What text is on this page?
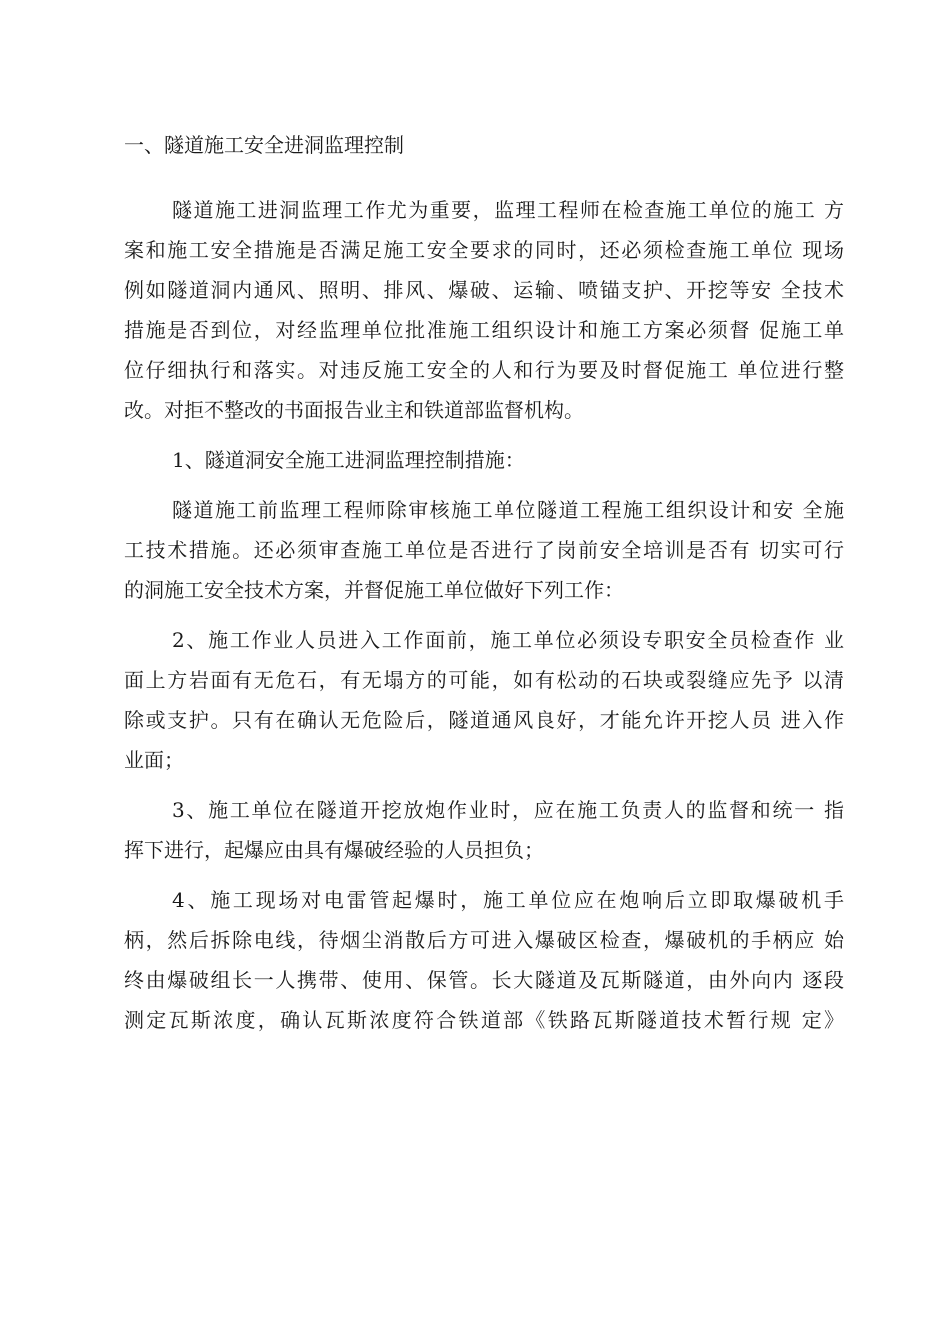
一、隧道施工安全进洞监理控制

隧道施工进洞监理工作尤为重要，监理工程师在检查施工单位的施工 方

案和施工安全措施是否满足施工安全要求的同时，还必须检查施工单位 现场

例如隧道洞内通风、照明、排风、爆破、运输、喷锚支护、开挖等安 全技术

措施是否到位，对经监理单位批准施工组织设计和施工方案必须督 促施工单

位仔细执行和落实。对违反施工安全的人和行为要及时督促施工 单位进行整

改。对拒不整改的书面报告业主和铁道部监督机构。

1、隧道洞安全施工进洞监理控制措施：

隧道施工前监理工程师除审核施工单位隧道工程施工组织设计和安 全施

工技术措施。还必须审查施工单位是否进行了岗前安全培训是否有 切实可行

的洞施工安全技术方案，并督促施工单位做好下列工作：

2、施工作业人员进入工作面前，施工单位必须设专职安全员检查作 业

面上方岩面有无危石，有无塌方的可能，如有松动的石块或裂缝应先予 以清

除或支护。只有在确认无危险后，隧道通风良好，才能允许开挖人员 进入作

业面；

3、施工单位在隧道开挖放炮作业时，应在施工负责人的监督和统一 指

挥下进行，起爆应由具有爆破经验的人员担负；

4、施工现场对电雷管起爆时，施工单位应在炮响后立即取爆破机手

柄，然后拆除电线，待烟尘消散后方可进入爆破区检查，爆破机的手柄应 始

终由爆破组长一人携带、使用、保管。长大隧道及瓦斯隧道，由外向内 逐段

测定瓦斯浓度，确认瓦斯浓度符合铁道部《铁路瓦斯隧道技术暂行规 定》
